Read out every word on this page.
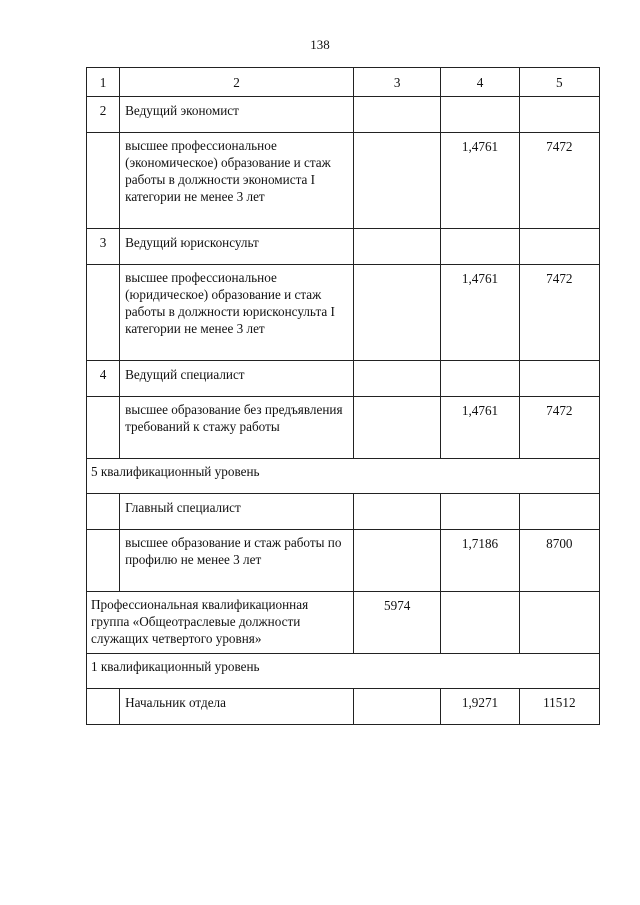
138
1	2	3	4	5
2	Ведущий экономист			
	высшее профессиональное (экономическое) образование и стаж работы в должности экономиста I категории не менее 3 лет		1,4761	7472
3	Ведущий юрисконсульт			
	высшее профессиональное (юридическое) образование и стаж работы в должности юрисконсульта I категории не менее 3 лет		1,4761	7472
4	Ведущий специалист			
	высшее образование без предъявления требований к стажу работы		1,4761	7472
5 квалификационный уровень				
	Главный специалист			
	высшее образование и стаж работы по профилю не менее 3 лет		1,7186	8700
Профессиональная квалификационная группа «Общеотраслевые должности служащих четвертого уровня»		5974		
1 квалификационный уровень				
	Начальник отдела		1,9271	11512
